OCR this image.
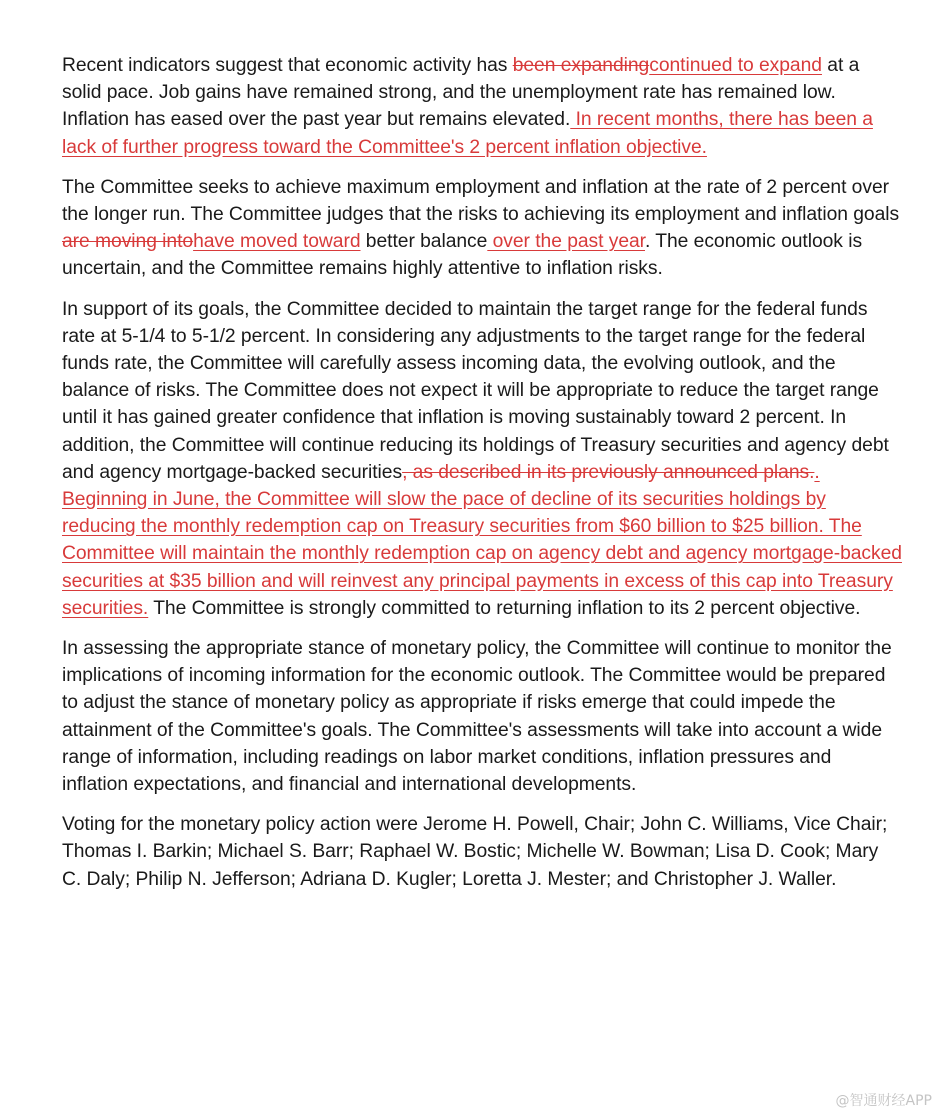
Recent indicators suggest that economic activity has been expandingcontinued to expand at a solid pace. Job gains have remained strong, and the unemployment rate has remained low. Inflation has eased over the past year but remains elevated. In recent months, there has been a lack of further progress toward the Committee's 2 percent inflation objective.

The Committee seeks to achieve maximum employment and inflation at the rate of 2 percent over the longer run. The Committee judges that the risks to achieving its employment and inflation goals are moving intohave moved toward better balance over the past year. The economic outlook is uncertain, and the Committee remains highly attentive to inflation risks.

In support of its goals, the Committee decided to maintain the target range for the federal funds rate at 5-1/4 to 5-1/2 percent. In considering any adjustments to the target range for the federal funds rate, the Committee will carefully assess incoming data, the evolving outlook, and the balance of risks. The Committee does not expect it will be appropriate to reduce the target range until it has gained greater confidence that inflation is moving sustainably toward 2 percent. In addition, the Committee will continue reducing its holdings of Treasury securities and agency debt and agency mortgage-backed securities, as described in its previously announced plans.. Beginning in June, the Committee will slow the pace of decline of its securities holdings by reducing the monthly redemption cap on Treasury securities from $60 billion to $25 billion. The Committee will maintain the monthly redemption cap on agency debt and agency mortgage-backed securities at $35 billion and will reinvest any principal payments in excess of this cap into Treasury securities. The Committee is strongly committed to returning inflation to its 2 percent objective.

In assessing the appropriate stance of monetary policy, the Committee will continue to monitor the implications of incoming information for the economic outlook. The Committee would be prepared to adjust the stance of monetary policy as appropriate if risks emerge that could impede the attainment of the Committee's goals. The Committee's assessments will take into account a wide range of information, including readings on labor market conditions, inflation pressures and inflation expectations, and financial and international developments.

Voting for the monetary policy action were Jerome H. Powell, Chair; John C. Williams, Vice Chair; Thomas I. Barkin; Michael S. Barr; Raphael W. Bostic; Michelle W. Bowman; Lisa D. Cook; Mary C. Daly; Philip N. Jefferson; Adriana D. Kugler; Loretta J. Mester; and Christopher J. Waller.

@智通财经APP
